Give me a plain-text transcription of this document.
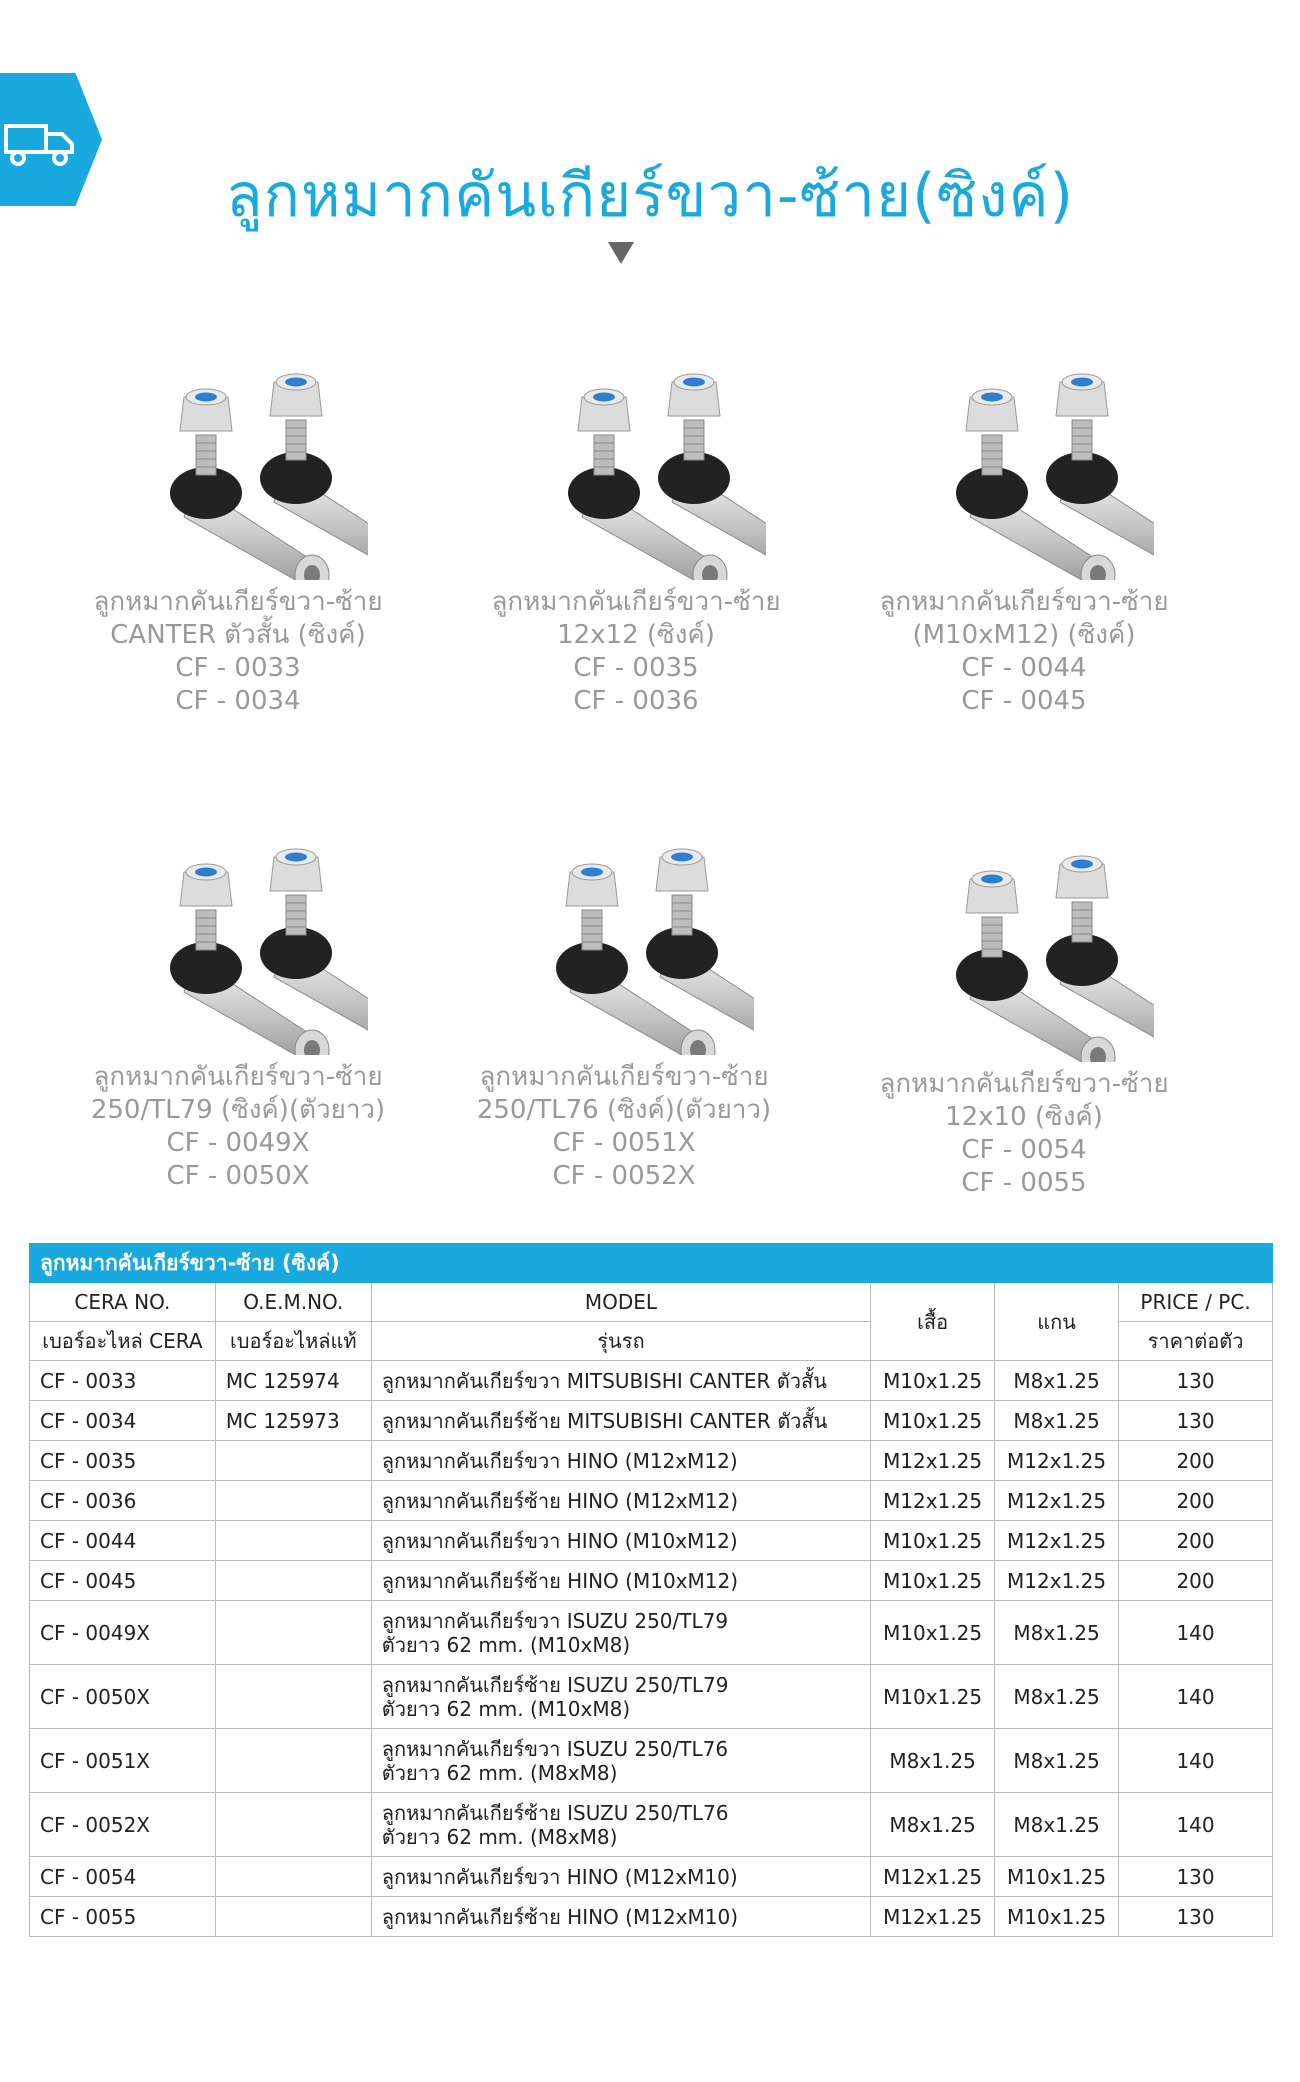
ลูกหมากคันเกียร์ขวา-ซ้าย(ซิงค์)
ลูกหมากคันเกียร์ขวา-ซ้าย
CANTER ตัวสั้น (ซิงค์)
CF - 0033
CF - 0034
ลูกหมากคันเกียร์ขวา-ซ้าย
12x12 (ซิงค์)
CF - 0035
CF - 0036
ลูกหมากคันเกียร์ขวา-ซ้าย
(M10xM12) (ซิงค์)
CF - 0044
CF - 0045
ลูกหมากคันเกียร์ขวา-ซ้าย
250/TL79 (ซิงค์)(ตัวยาว)
CF - 0049X
CF - 0050X
ลูกหมากคันเกียร์ขวา-ซ้าย
250/TL76 (ซิงค์)(ตัวยาว)
CF - 0051X
CF - 0052X
ลูกหมากคันเกียร์ขวา-ซ้าย
12x10 (ซิงค์)
CF - 0054
CF - 0055
ลูกหมากคันเกียร์ขวา-ซ้าย (ซิงค์)					
CERA NO.	O.E.M.NO.	MODEL	เสื้อ	แกน	PRICE / PC.
เบอร์อะไหล่ CERA	เบอร์อะไหล่แท้	รุ่นรถ			ราคาต่อตัว
CF - 0033	MC 125974	ลูกหมากคันเกียร์ขวา MITSUBISHI CANTER ตัวสั้น	M10x1.25	M8x1.25	130
CF - 0034	MC 125973	ลูกหมากคันเกียร์ซ้าย MITSUBISHI CANTER ตัวสั้น	M10x1.25	M8x1.25	130
CF - 0035		ลูกหมากคันเกียร์ขวา HINO (M12xM12)	M12x1.25	M12x1.25	200
CF - 0036		ลูกหมากคันเกียร์ซ้าย HINO (M12xM12)	M12x1.25	M12x1.25	200
CF - 0044		ลูกหมากคันเกียร์ขวา HINO (M10xM12)	M10x1.25	M12x1.25	200
CF - 0045		ลูกหมากคันเกียร์ซ้าย HINO (M10xM12)	M10x1.25	M12x1.25	200
CF - 0049X		ลูกหมากคันเกียร์ขวา ISUZU 250/TL79
ตัวยาว 62 mm. (M10xM8)	M10x1.25	M8x1.25	140
CF - 0050X		ลูกหมากคันเกียร์ซ้าย ISUZU 250/TL79
ตัวยาว 62 mm. (M10xM8)	M10x1.25	M8x1.25	140
CF - 0051X		ลูกหมากคันเกียร์ขวา ISUZU 250/TL76
ตัวยาว 62 mm. (M8xM8)	M8x1.25	M8x1.25	140
CF - 0052X		ลูกหมากคันเกียร์ซ้าย ISUZU 250/TL76
ตัวยาว 62 mm. (M8xM8)	M8x1.25	M8x1.25	140
CF - 0054		ลูกหมากคันเกียร์ขวา HINO (M12xM10)	M12x1.25	M10x1.25	130
CF - 0055		ลูกหมากคันเกียร์ซ้าย HINO (M12xM10)	M12x1.25	M10x1.25	130
